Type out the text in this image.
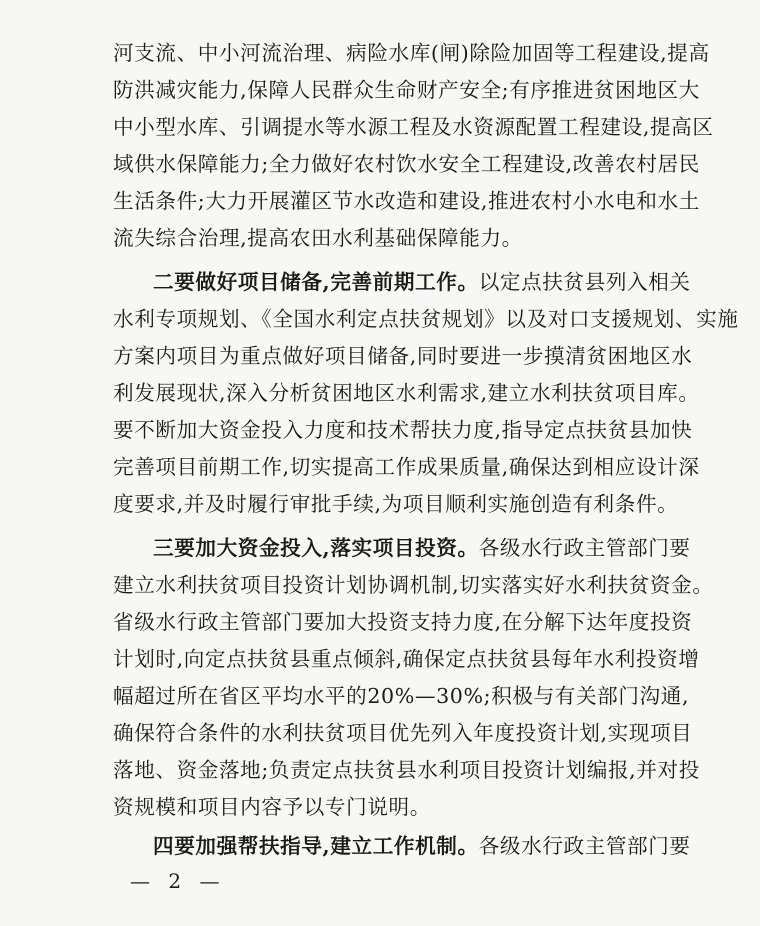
河支流、中小河流治理、病险水库(闸)除险加固等工程建设,提高
防洪减灾能力,保障人民群众生命财产安全;有序推进贫困地区大
中小型水库、引调提水等水源工程及水资源配置工程建设,提高区
域供水保障能力;全力做好农村饮水安全工程建设,改善农村居民
生活条件;大力开展灌区节水改造和建设,推进农村小水电和水土
流失综合治理,提高农田水利基础保障能力。
二要做好项目储备,完善前期工作。以定点扶贫县列入相关
水利专项规划、《全国水利定点扶贫规划》以及对口支援规划、实施
方案内项目为重点做好项目储备,同时要进一步摸清贫困地区水
利发展现状,深入分析贫困地区水利需求,建立水利扶贫项目库。
要不断加大资金投入力度和技术帮扶力度,指导定点扶贫县加快
完善项目前期工作,切实提高工作成果质量,确保达到相应设计深
度要求,并及时履行审批手续,为项目顺利实施创造有利条件。
三要加大资金投入,落实项目投资。各级水行政主管部门要
建立水利扶贫项目投资计划协调机制,切实落实好水利扶贫资金。
省级水行政主管部门要加大投资支持力度,在分解下达年度投资
计划时,向定点扶贫县重点倾斜,确保定点扶贫县每年水利投资增
幅超过所在省区平均水平的20%—30%;积极与有关部门沟通,
确保符合条件的水利扶贫项目优先列入年度投资计划,实现项目
落地、资金落地;负责定点扶贫县水利项目投资计划编报,并对投
资规模和项目内容予以专门说明。
四要加强帮扶指导,建立工作机制。各级水行政主管部门要
— 2 —
